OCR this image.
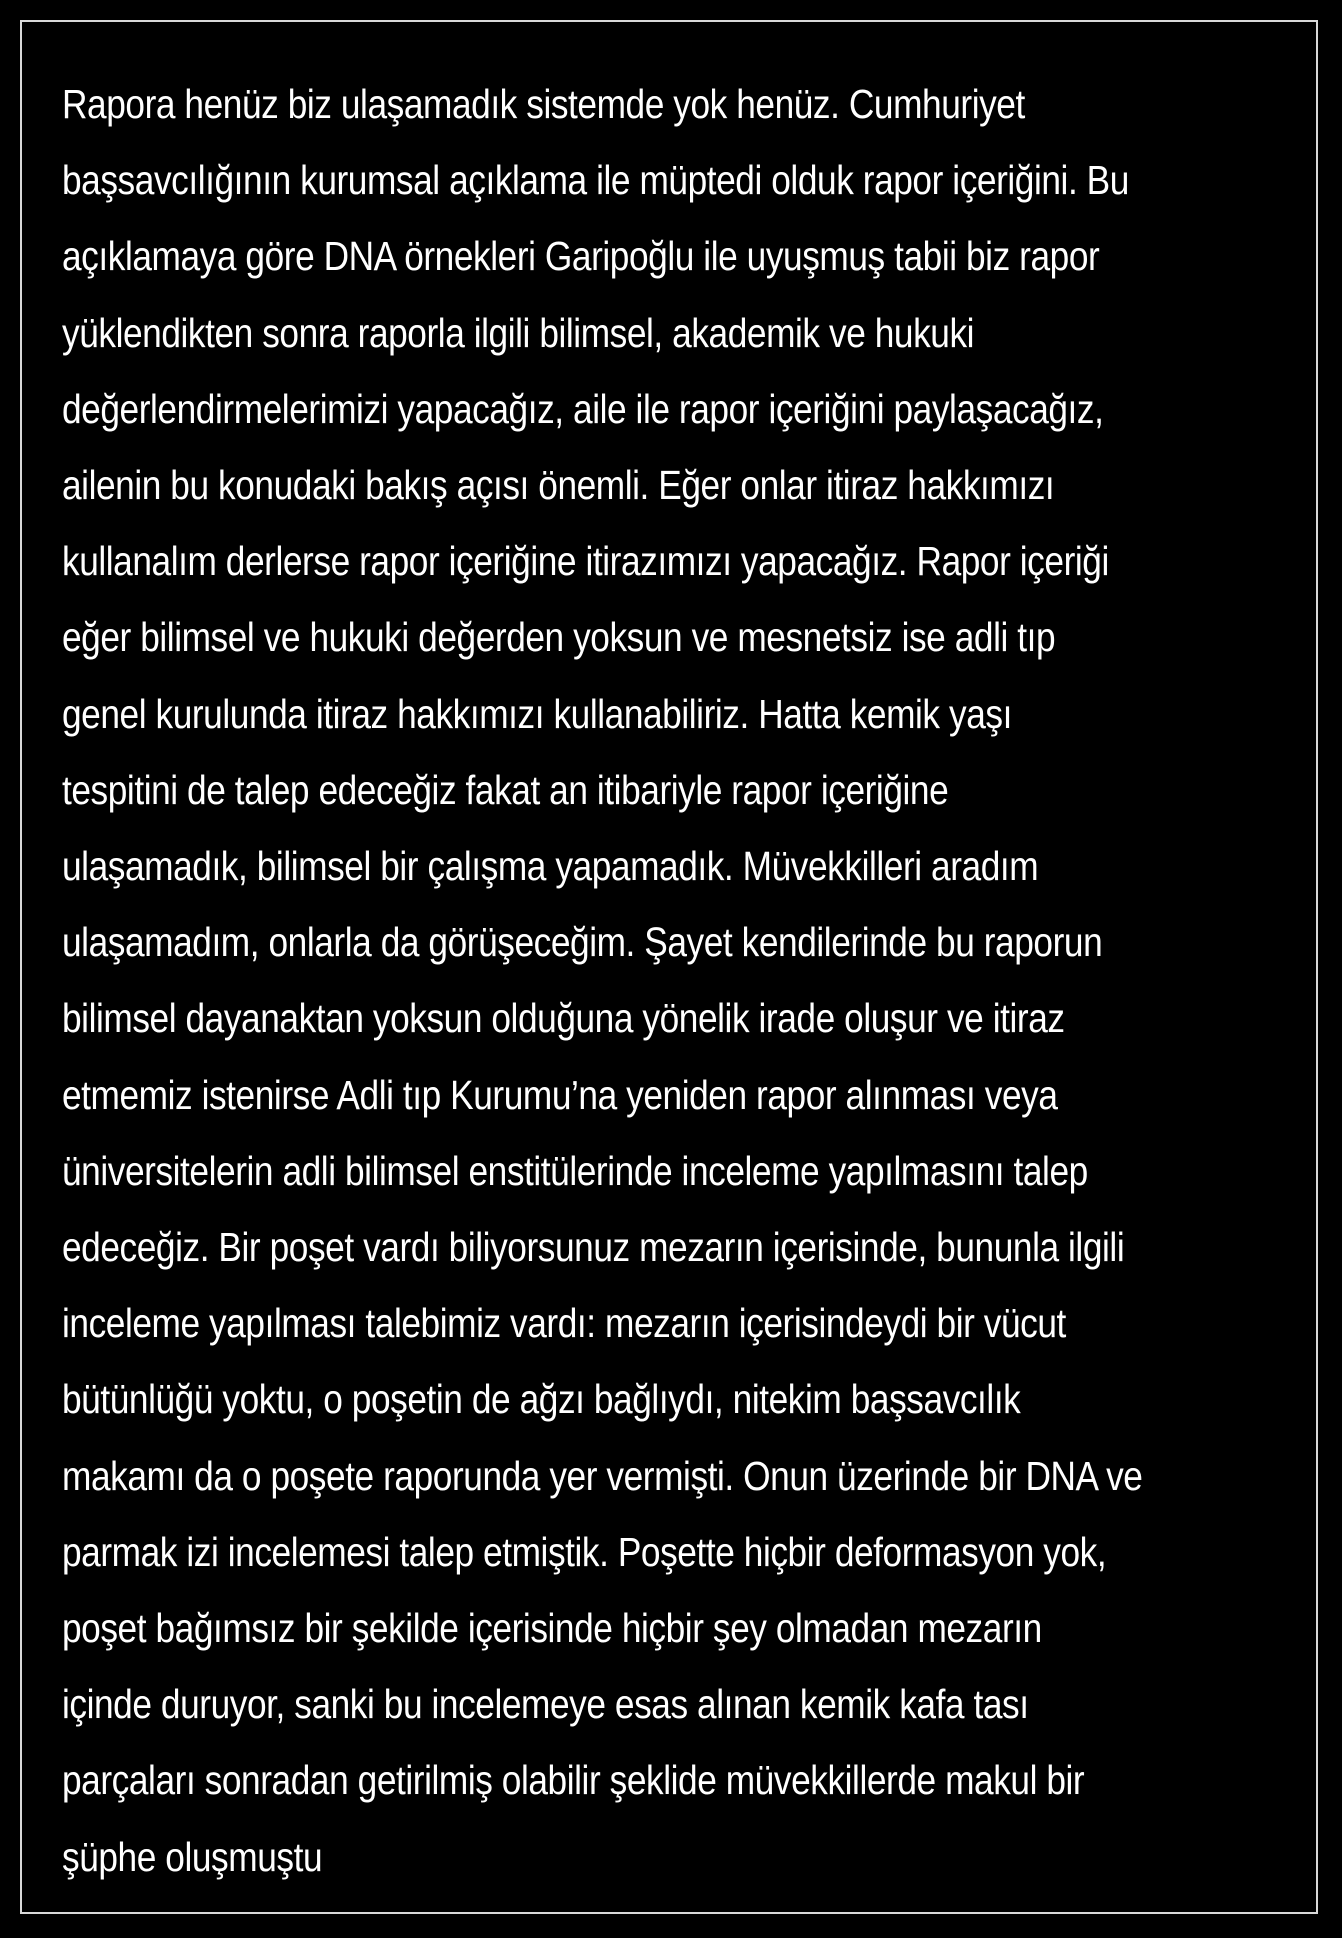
Rapora henüz biz ulaşamadık sistemde yok henüz. Cumhuriyet
başsavcılığının kurumsal açıklama ile müptedi olduk rapor içeriğini. Bu
açıklamaya göre DNA örnekleri Garipoğlu ile uyuşmuş tabii biz rapor
yüklendikten sonra raporla ilgili bilimsel, akademik ve hukuki
değerlendirmelerimizi yapacağız, aile ile rapor içeriğini paylaşacağız,
ailenin bu konudaki bakış açısı önemli. Eğer onlar itiraz hakkımızı
kullanalım derlerse rapor içeriğine itirazımızı yapacağız. Rapor içeriği
eğer bilimsel ve hukuki değerden yoksun ve mesnetsiz ise adli tıp
genel kurulunda itiraz hakkımızı kullanabiliriz. Hatta kemik yaşı
tespitini de talep edeceğiz fakat an itibariyle rapor içeriğine
ulaşamadık, bilimsel bir çalışma yapamadık. Müvekkilleri aradım
ulaşamadım, onlarla da görüşeceğim. Şayet kendilerinde bu raporun
bilimsel dayanaktan yoksun olduğuna yönelik irade oluşur ve itiraz
etmemiz istenirse Adli tıp Kurumu’na yeniden rapor alınması veya
üniversitelerin adli bilimsel enstitülerinde inceleme yapılmasını talep
edeceğiz. Bir poşet vardı biliyorsunuz mezarın içerisinde, bununla ilgili
inceleme yapılması talebimiz vardı: mezarın içerisindeydi bir vücut
bütünlüğü yoktu, o poşetin de ağzı bağlıydı, nitekim başsavcılık
makamı da o poşete raporunda yer vermişti. Onun üzerinde bir DNA ve
parmak izi incelemesi talep etmiştik. Poşette hiçbir deformasyon yok,
poşet bağımsız bir şekilde içerisinde hiçbir şey olmadan mezarın
içinde duruyor, sanki bu incelemeye esas alınan kemik kafa tası
parçaları sonradan getirilmiş olabilir şeklide müvekkillerde makul bir
şüphe oluşmuştu
